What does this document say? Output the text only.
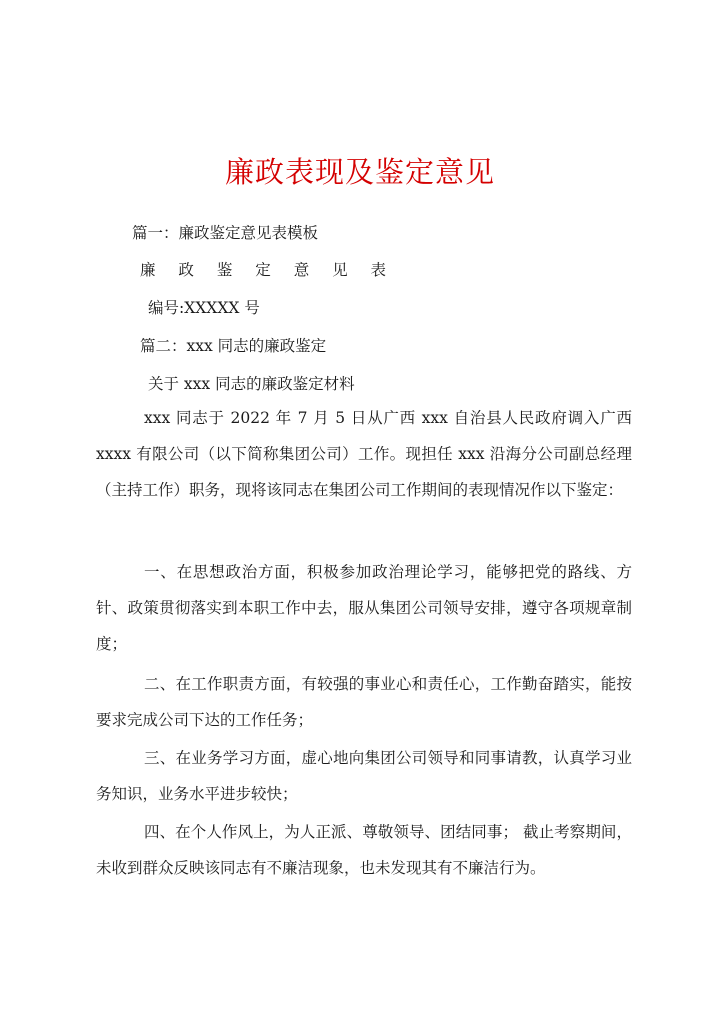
廉政表现及鉴定意见
篇一：廉政鉴定意见表模板
廉 政 鉴 定 意 见 表
编号:XXXXX 号
篇二：xxx 同志的廉政鉴定
关于 xxx 同志的廉政鉴定材料
xxx 同志于 2022 年 7 月 5 日从广西 xxx 自治县人民政府调入广西 xxxx 有限公司（以下简称集团公司）工作。现担任 xxx 沿海分公司副总经理（主持工作）职务，现将该同志在集团公司工作期间的表现情况作以下鉴定：
一、在思想政治方面，积极参加政治理论学习，能够把党的路线、方针、政策贯彻落实到本职工作中去，服从集团公司领导安排，遵守各项规章制度；
二、在工作职责方面，有较强的事业心和责任心，工作勤奋踏实，能按要求完成公司下达的工作任务；
三、在业务学习方面，虚心地向集团公司领导和同事请教，认真学习业务知识，业务水平进步较快；
四、在个人作风上，为人正派、尊敬领导、团结同事； 截止考察期间，未收到群众反映该同志有不廉洁现象，也未发现其有不廉洁行为。
